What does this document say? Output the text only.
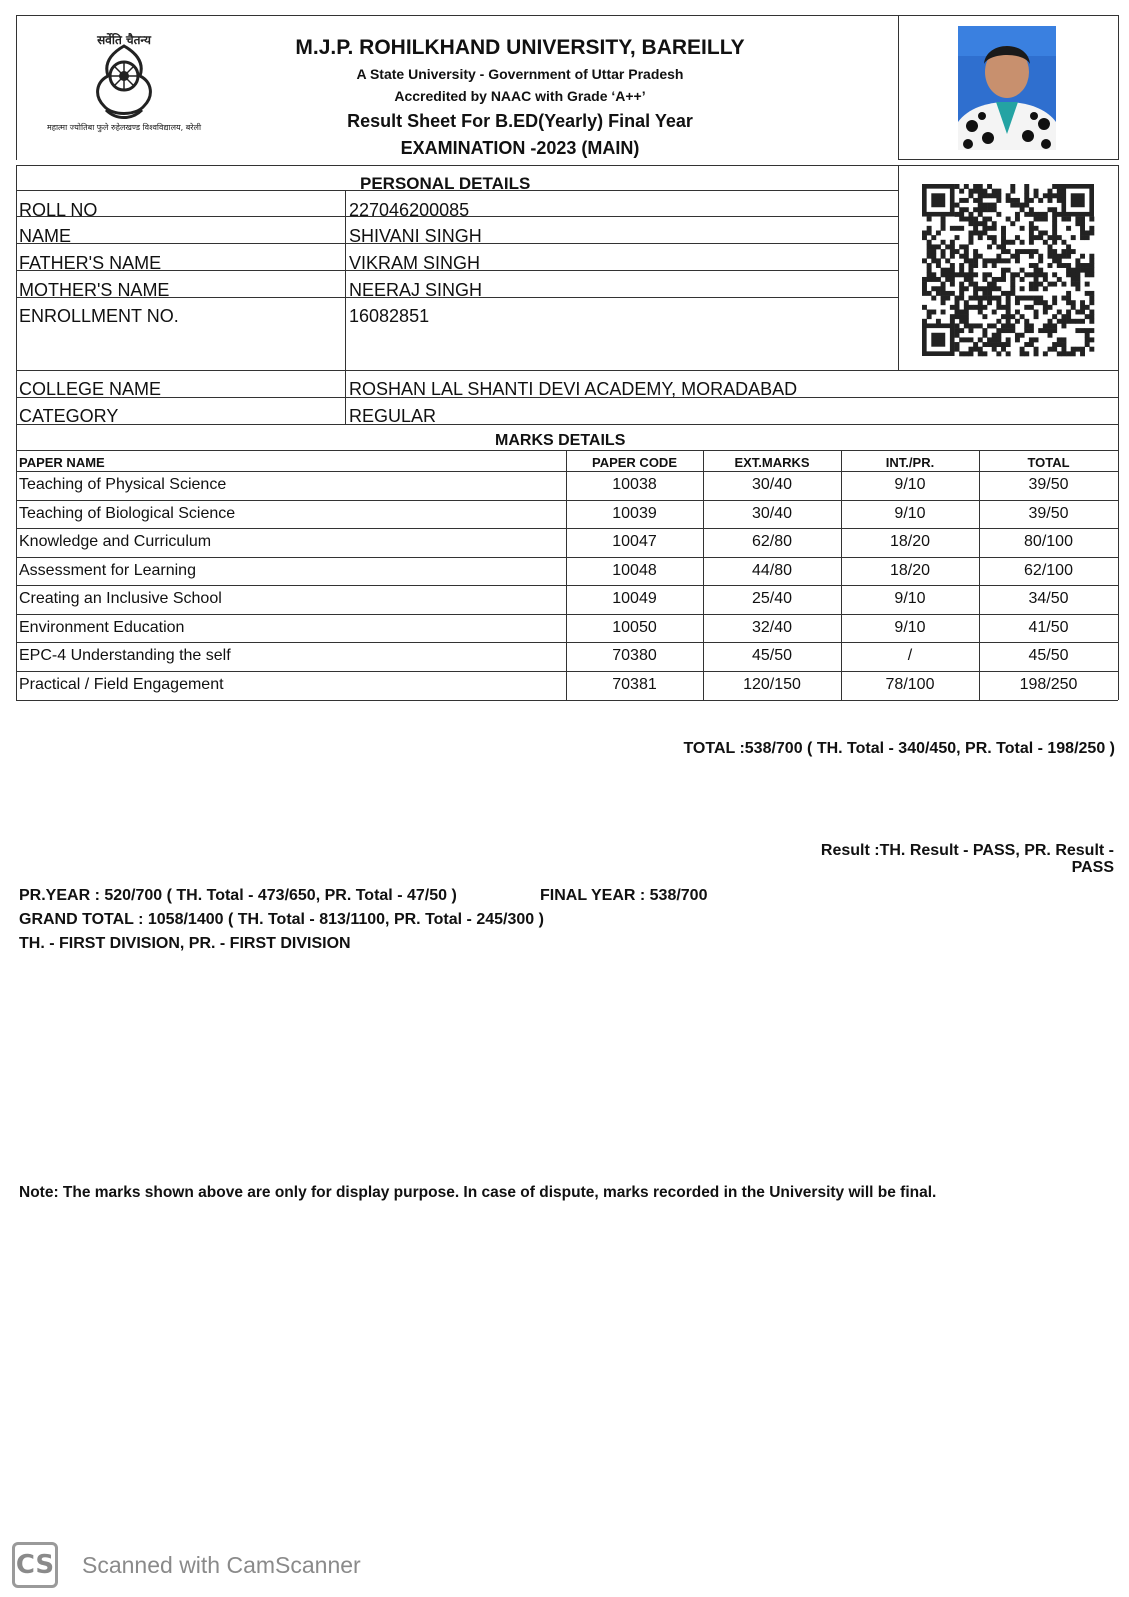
सर्वेति चैतन्य
महात्मा ज्योतिबा फुले रुहेलखण्ड विश्वविद्यालय, बरेली
M.J.P. ROHILKHAND UNIVERSITY, BAREILLY
A State University - Government of Uttar Pradesh
Accredited by NAAC with Grade ‘A++’
Result Sheet For B.ED(Yearly) Final Year
EXAMINATION -2023 (MAIN)
PERSONAL DETAILS
ROLL NO	227046200085
NAME	SHIVANI SINGH
FATHER'S NAME	VIKRAM SINGH
MOTHER'S NAME	NEERAJ SINGH
ENROLLMENT NO.	16082851
COLLEGE NAME	ROSHAN LAL SHANTI DEVI ACADEMY, MORADABAD
CATEGORY	REGULAR
MARKS DETAILS
PAPER NAME	PAPER CODE	EXT.MARKS	INT./PR.	TOTAL
Teaching of Physical Science	10038	30/40	9/10	39/50
Teaching of Biological Science	10039	30/40	9/10	39/50
Knowledge and Curriculum	10047	62/80	18/20	80/100
Assessment for Learning	10048	44/80	18/20	62/100
Creating an Inclusive School	10049	25/40	9/10	34/50
Environment Education	10050	32/40	9/10	41/50
EPC-4 Understanding the self	70380	45/50	/	45/50
Practical / Field Engagement	70381	120/150	78/100	198/250
TOTAL :538/700 ( TH. Total - 340/450, PR. Total - 198/250 )
Result :TH. Result - PASS, PR. Result -
PASS
PR.YEAR : 520/700 ( TH. Total - 473/650, PR. Total - 47/50 )	FINAL YEAR : 538/700
GRAND TOTAL : 1058/1400 ( TH. Total - 813/1100, PR. Total - 245/300 )
TH. - FIRST DIVISION, PR. - FIRST DIVISION
Note: The marks shown above are only for display purpose. In case of dispute, marks recorded in the University will be final.
CS Scanned with CamScanner
